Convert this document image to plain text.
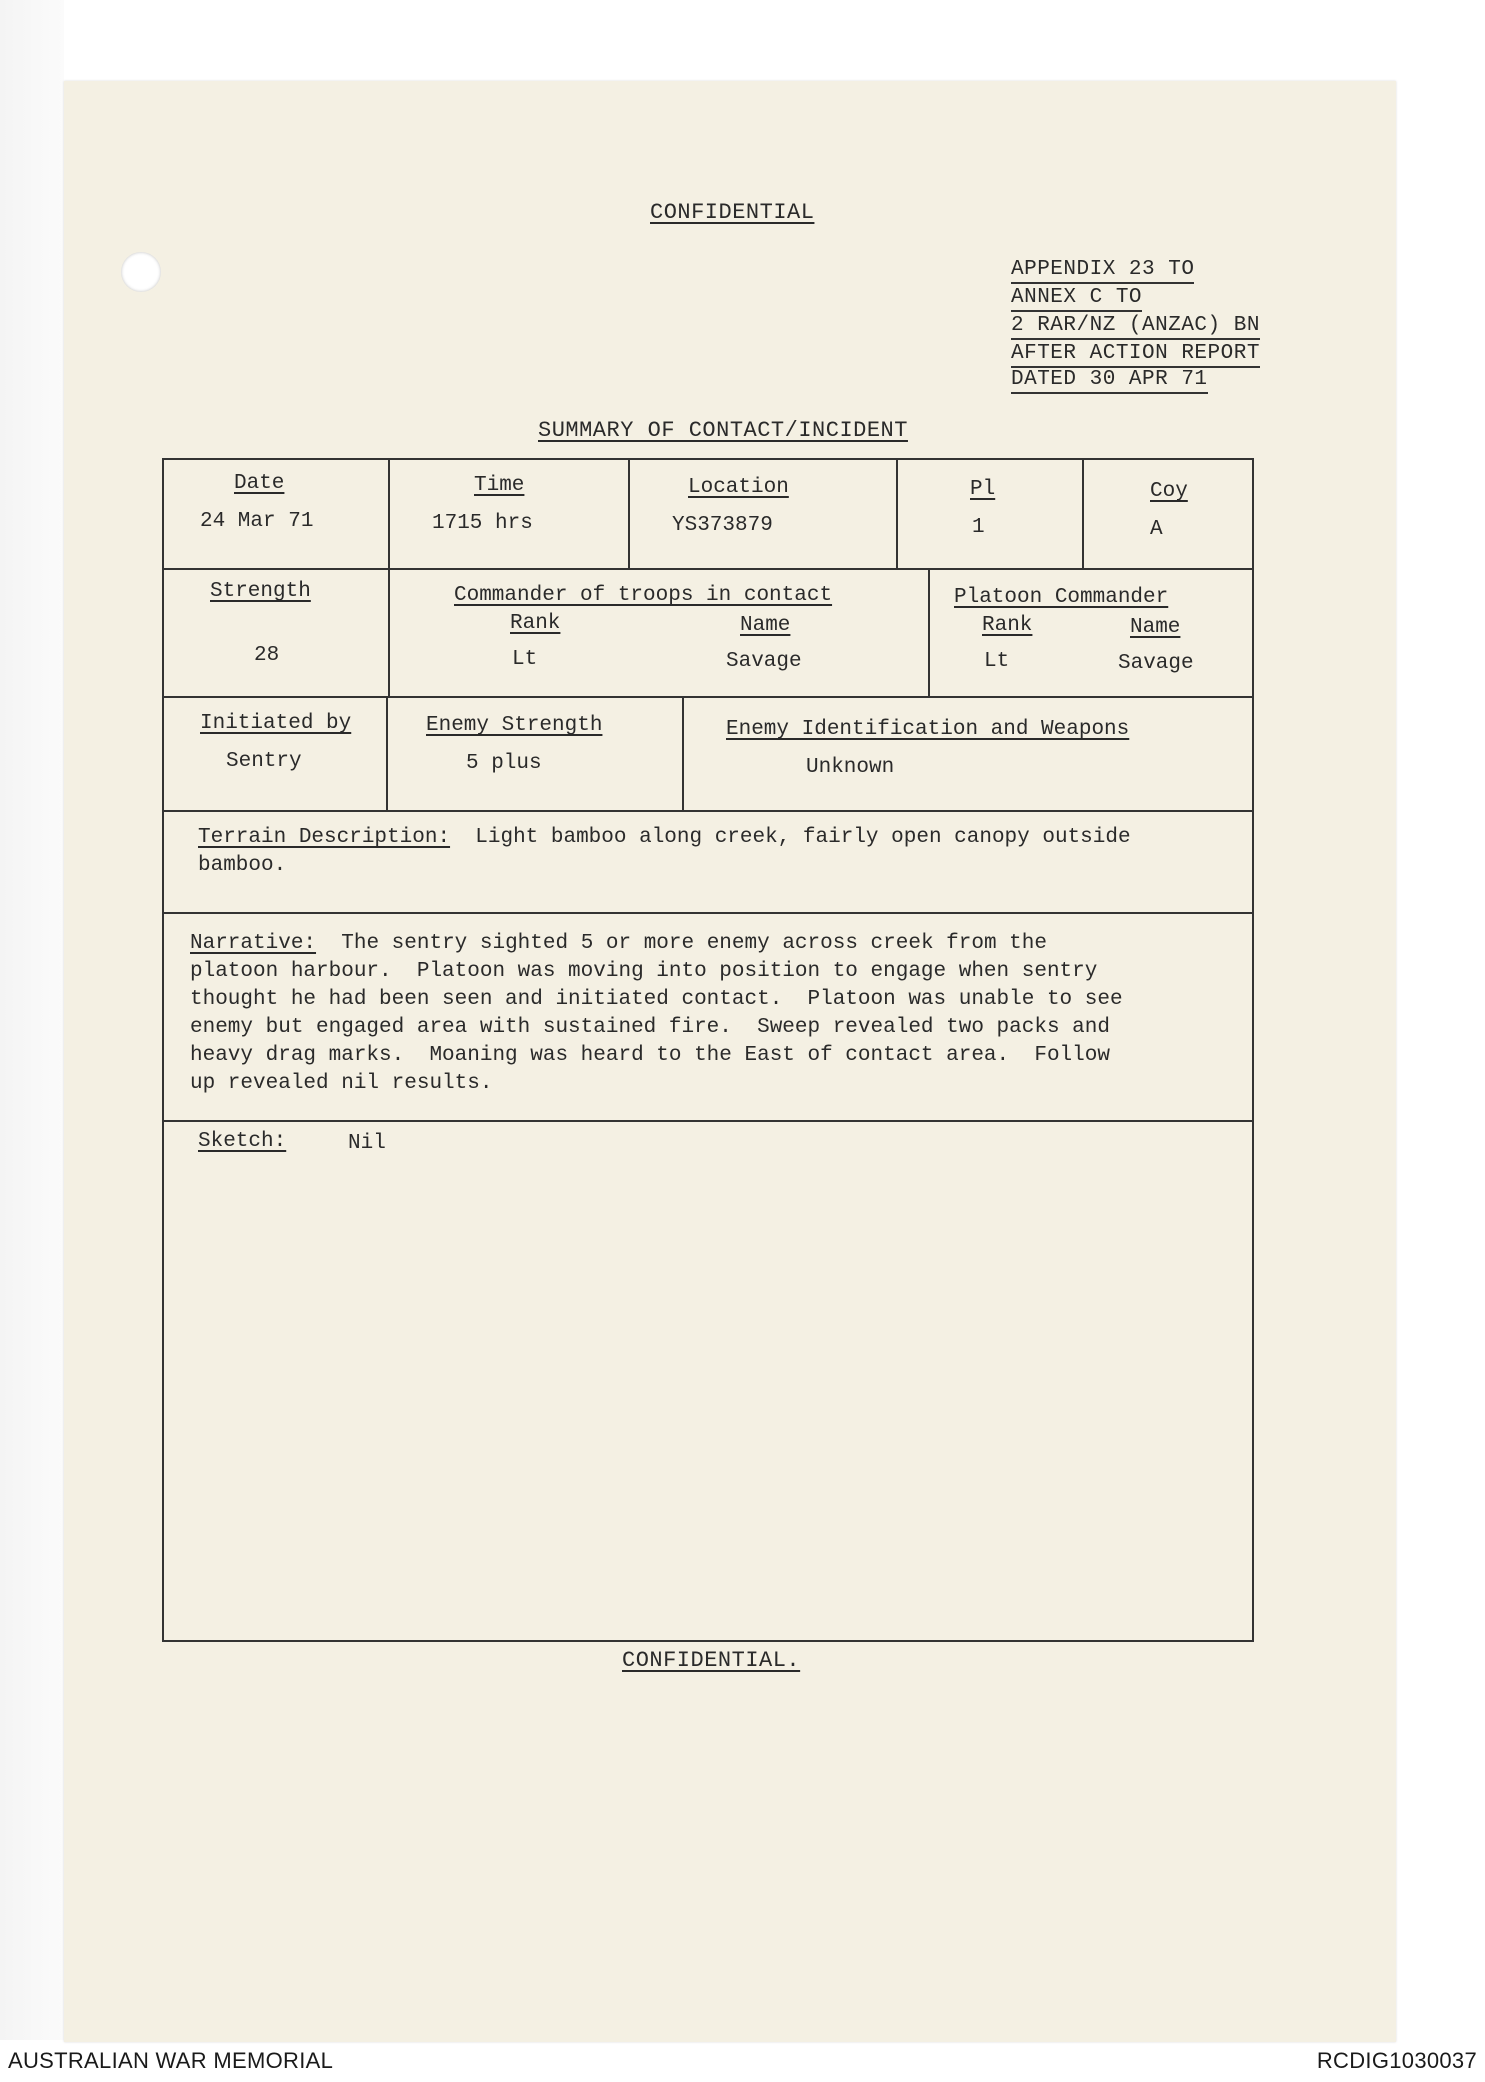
CONFIDENTIAL
APPENDIX 23 TO
ANNEX C TO
2 RAR/NZ (ANZAC) BN
AFTER ACTION REPORT
DATED 30 APR 71
SUMMARY OF CONTACT/INCIDENT
Date
24 Mar 71
Time
1715 hrs
Location
YS373879
Pl
1
Coy
A
Strength
28
Commander of troops in contact
Rank
Lt
Name
Savage
Platoon Commander
Rank
Lt
Name
Savage
Initiated by
Sentry
Enemy Strength
5 plus
Enemy Identification and Weapons
Unknown
Terrain Description: Light bamboo along creek, fairly open canopy outside
bamboo.
Narrative: The sentry sighted 5 or more enemy across creek from the
platoon harbour.  Platoon was moving into position to engage when sentry
thought he had been seen and initiated contact.  Platoon was unable to see
enemy but engaged area with sustained fire.  Sweep revealed two packs and
heavy drag marks.  Moaning was heard to the East of contact area.  Follow
up revealed nil results.
Sketch:	Nil
CONFIDENTIAL.
AUSTRALIAN WAR MEMORIAL	RCDIG1030037
